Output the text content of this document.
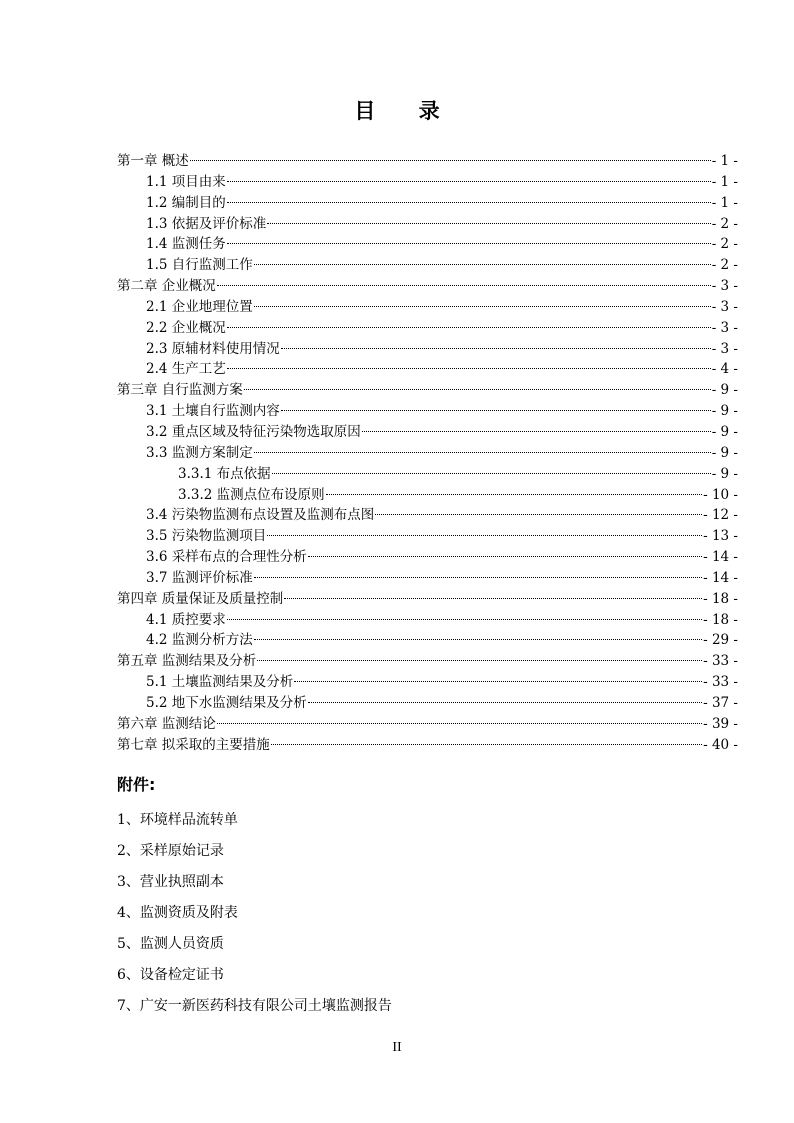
目 录
第一章 概述	- 1 -
1.1 项目由来	- 1 -
1.2 编制目的	- 1 -
1.3 依据及评价标准	- 2 -
1.4 监测任务	- 2 -
1.5 自行监测工作	- 2 -
第二章 企业概况	- 3 -
2.1 企业地理位置	- 3 -
2.2 企业概况	- 3 -
2.3 原辅材料使用情况	- 3 -
2.4 生产工艺	- 4 -
第三章 自行监测方案	- 9 -
3.1 土壤自行监测内容	- 9 -
3.2 重点区域及特征污染物选取原因	- 9 -
3.3 监测方案制定	- 9 -
3.3.1 布点依据	- 9 -
3.3.2 监测点位布设原则	- 10 -
3.4 污染物监测布点设置及监测布点图	- 12 -
3.5 污染物监测项目	- 13 -
3.6 采样布点的合理性分析	- 14 -
3.7 监测评价标准	- 14 -
第四章 质量保证及质量控制	- 18 -
4.1 质控要求	- 18 -
4.2 监测分析方法	- 29 -
第五章 监测结果及分析	- 33 -
5.1 土壤监测结果及分析	- 33 -
5.2 地下水监测结果及分析	- 37 -
第六章 监测结论	- 39 -
第七章 拟采取的主要措施	- 40 -
附件:
1、环境样品流转单
2、采样原始记录
3、营业执照副本
4、监测资质及附表
5、监测人员资质
6、设备检定证书
7、广安一新医药科技有限公司土壤监测报告
II
